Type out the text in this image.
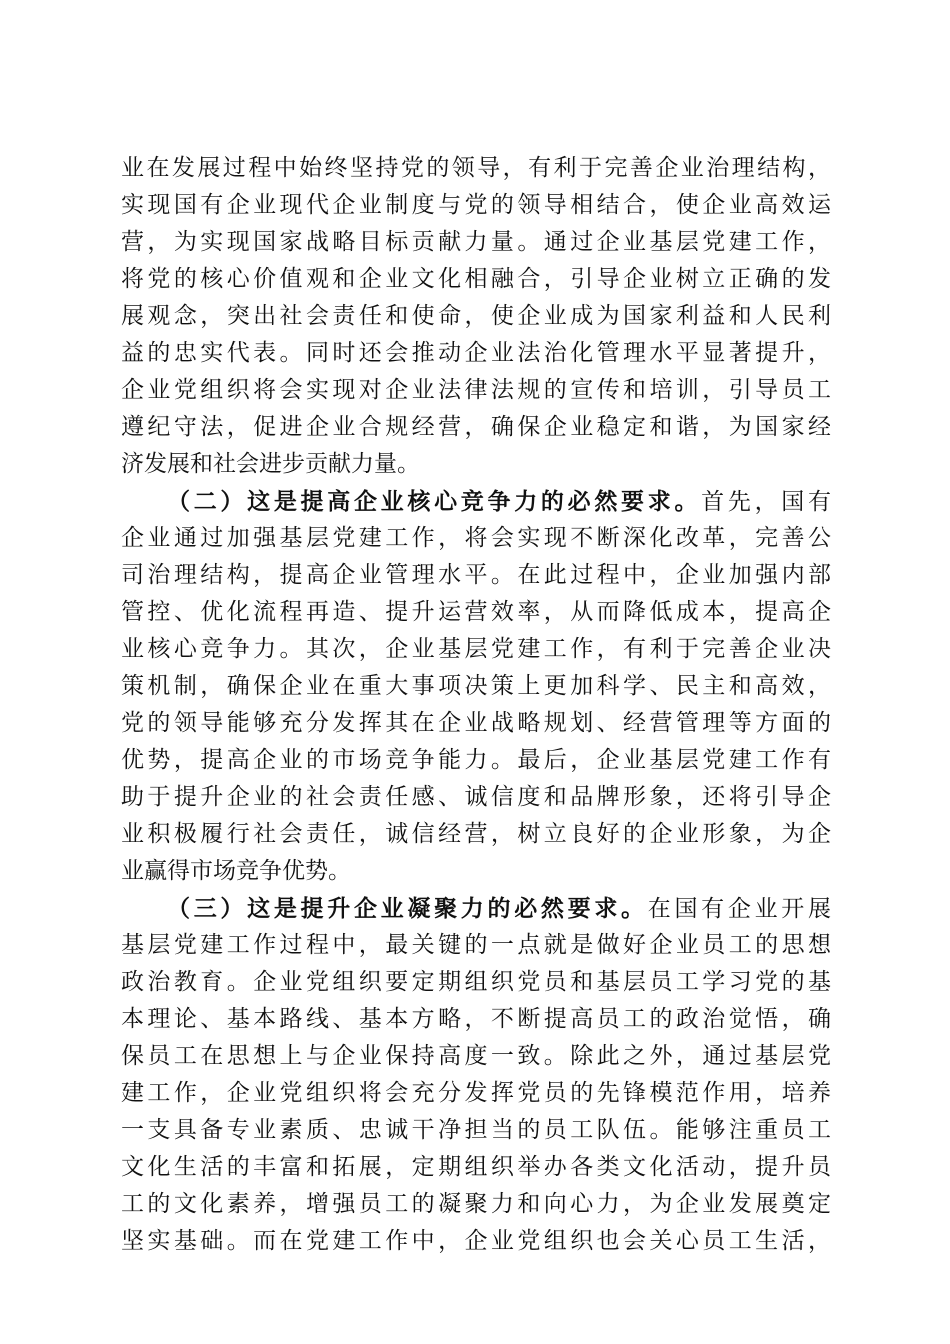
业在发展过程中始终坚持党的领导，有利于完善企业治理结构，
实现国有企业现代企业制度与党的领导相结合，使企业高效运
营，为实现国家战略目标贡献力量。通过企业基层党建工作，
将党的核心价值观和企业文化相融合，引导企业树立正确的发
展观念，突出社会责任和使命，使企业成为国家利益和人民利
益的忠实代表。同时还会推动企业法治化管理水平显著提升，
企业党组织将会实现对企业法律法规的宣传和培训，引导员工
遵纪守法，促进企业合规经营，确保企业稳定和谐，为国家经
济发展和社会进步贡献力量。
（二）这是提高企业核心竞争力的必然要求。首先，国有
企业通过加强基层党建工作，将会实现不断深化改革，完善公
司治理结构，提高企业管理水平。在此过程中，企业加强内部
管控、优化流程再造、提升运营效率，从而降低成本，提高企
业核心竞争力。其次，企业基层党建工作，有利于完善企业决
策机制，确保企业在重大事项决策上更加科学、民主和高效，
党的领导能够充分发挥其在企业战略规划、经营管理等方面的
优势，提高企业的市场竞争能力。最后，企业基层党建工作有
助于提升企业的社会责任感、诚信度和品牌形象，还将引导企
业积极履行社会责任，诚信经营，树立良好的企业形象，为企
业赢得市场竞争优势。
（三）这是提升企业凝聚力的必然要求。在国有企业开展
基层党建工作过程中，最关键的一点就是做好企业员工的思想
政治教育。企业党组织要定期组织党员和基层员工学习党的基
本理论、基本路线、基本方略，不断提高员工的政治觉悟，确
保员工在思想上与企业保持高度一致。除此之外，通过基层党
建工作，企业党组织将会充分发挥党员的先锋模范作用，培养
一支具备专业素质、忠诚干净担当的员工队伍。能够注重员工
文化生活的丰富和拓展，定期组织举办各类文化活动，提升员
工的文化素养，增强员工的凝聚力和向心力，为企业发展奠定
坚实基础。而在党建工作中，企业党组织也会关心员工生活，
